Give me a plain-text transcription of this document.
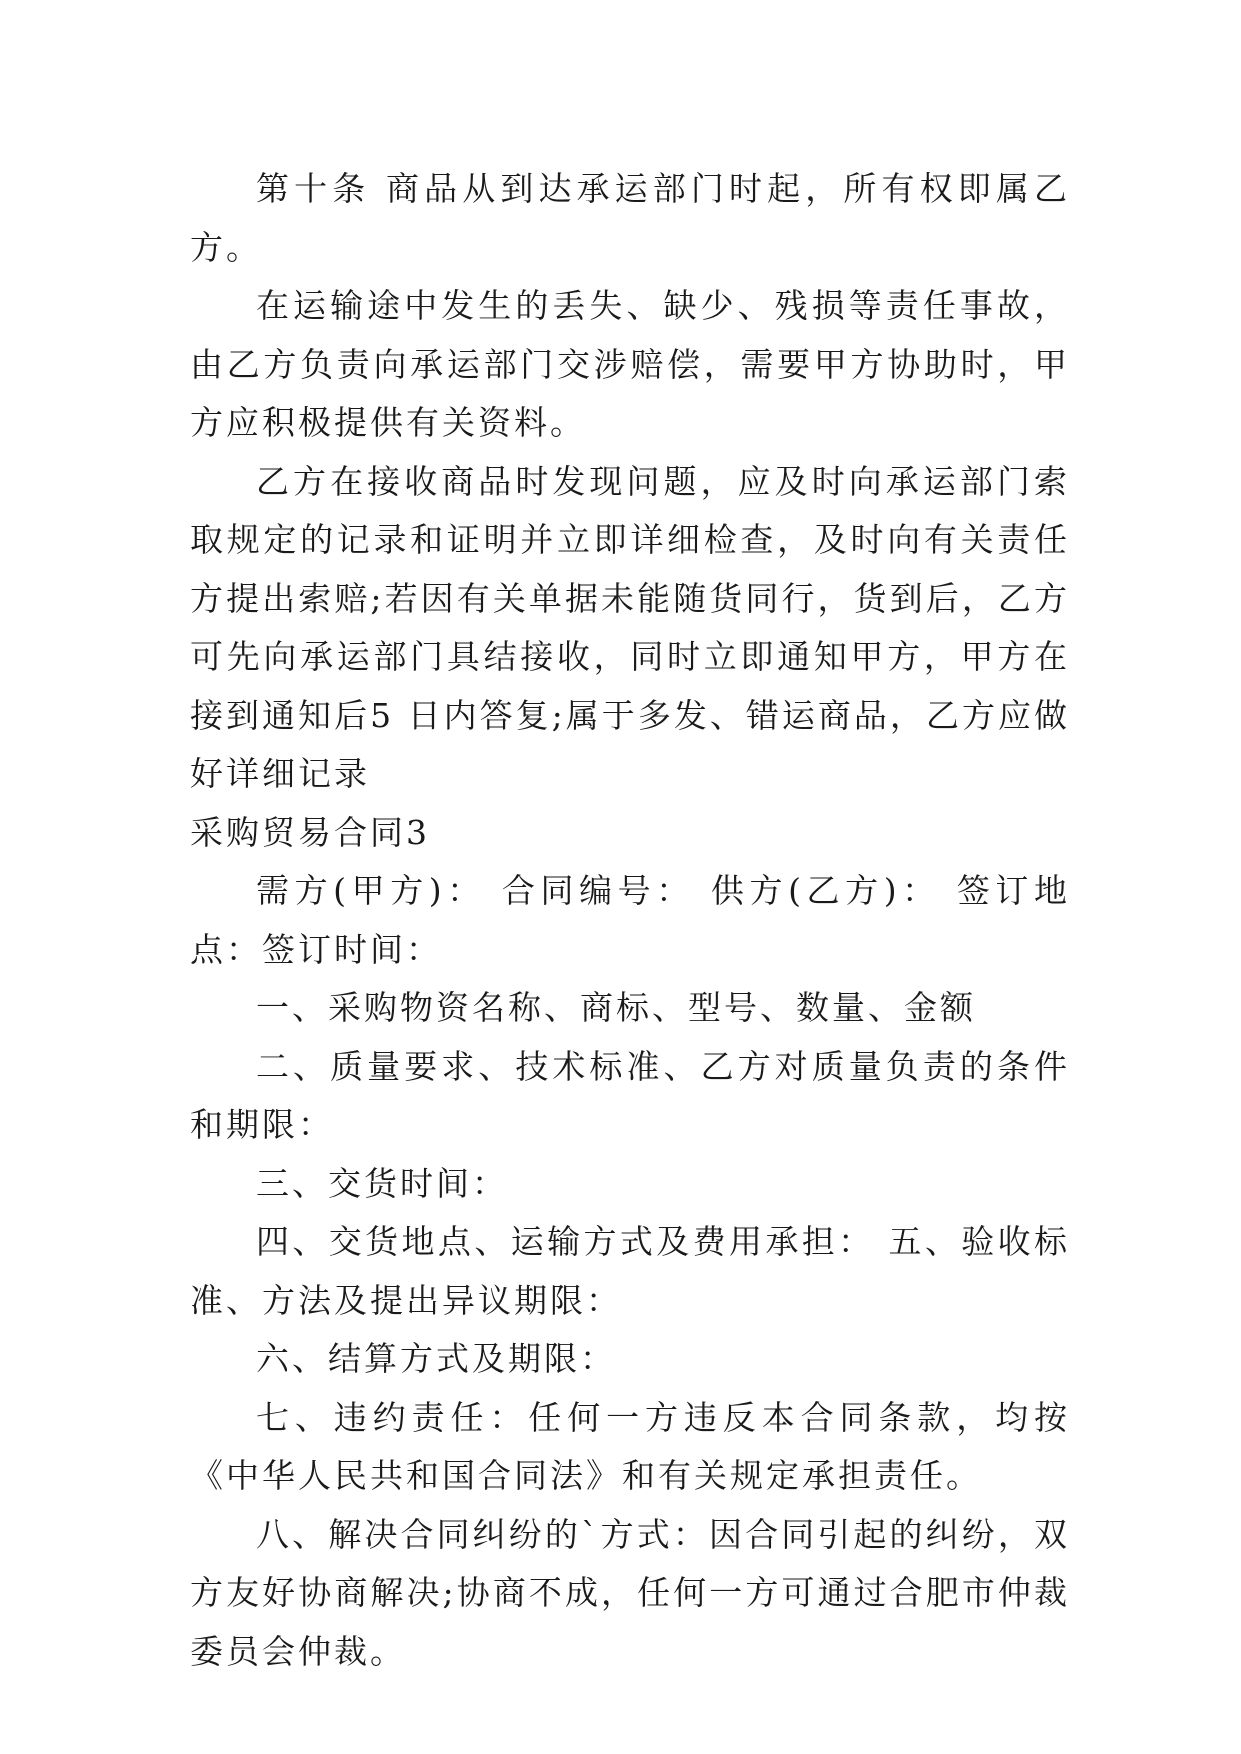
第十条 商品从到达承运部门时起，所有权即属乙方。

在运输途中发生的丢失、缺少、残损等责任事故，由乙方负责向承运部门交涉赔偿，需要甲方协助时，甲方应积极提供有关资料。

乙方在接收商品时发现问题，应及时向承运部门索取规定的记录和证明并立即详细检查，及时向有关责任方提出索赔;若因有关单据未能随货同行，货到后，乙方可先向承运部门具结接收，同时立即通知甲方，甲方在接到通知后5 日内答复;属于多发、错运商品，乙方应做好详细记录

采购贸易合同3

需方(甲方)： 合同编号： 供方(乙方)： 签订地点：签订时间：

一、采购物资名称、商标、型号、数量、金额

二、质量要求、技术标准、乙方对质量负责的条件和期限：

三、交货时间：

四、交货地点、运输方式及费用承担： 五、验收标准、方法及提出异议期限：

六、结算方式及期限：

七、违约责任：任何一方违反本合同条款，均按《中华人民共和国合同法》和有关规定承担责任。

八、解决合同纠纷的`方式：因合同引起的纠纷，双方友好协商解决;协商不成，任何一方可通过合肥市仲裁委员会仲裁。
